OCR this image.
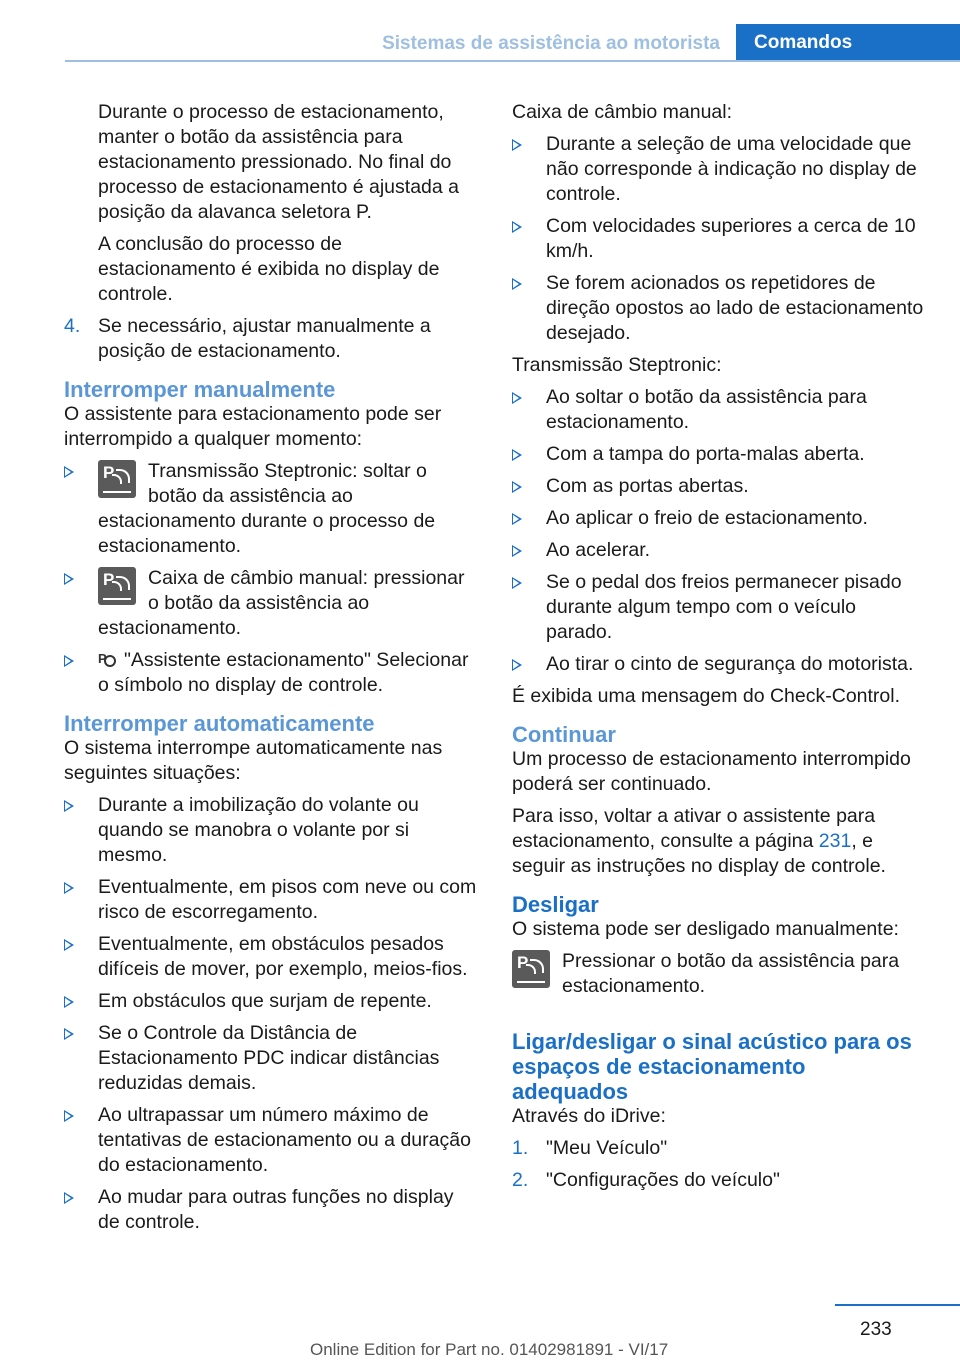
Sistemas de assistência ao motorista	Comandos

Durante o processo de estacionamento, manter o botão da assistência para estacionamento pressionado. No final do processo de estacionamento é ajustada a posição da alavanca seletora P.

A conclusão do processo de estacionamento é exibida no display de controle.

4. Se necessário, ajustar manualmente a posição de estacionamento.
Interromper manualmente

O assistente para estacionamento pode ser interrompido a qualquer momento:

P Transmissão Steptronic: soltar o botão da assistência ao estacionamento durante o processo de estacionamento.
P Caixa de câmbio manual: pressionar o botão da assistência ao estacionamento.
P "Assistente estacionamento" Selecionar o símbolo no display de controle.
Interromper automaticamente

O sistema interrompe automaticamente nas seguintes situações:

Durante a imobilização do volante ou quando se manobra o volante por si mesmo.
Eventualmente, em pisos com neve ou com risco de escorregamento.
Eventualmente, em obstáculos pesados difíceis de mover, por exemplo, meios-fios.
Em obstáculos que surjam de repente.
Se o Controle da Distância de Estacionamento PDC indicar distâncias reduzidas demais.
Ao ultrapassar um número máximo de tentativas de estacionamento ou a duração do estacionamento.
Ao mudar para outras funções no display de controle.

Caixa de câmbio manual:

Durante a seleção de uma velocidade que não corresponde à indicação no display de controle.
Com velocidades superiores a cerca de 10 km/h.
Se forem acionados os repetidores de direção opostos ao lado de estacionamento desejado.

Transmissão Steptronic:

Ao soltar o botão da assistência para estacionamento.
Com a tampa do porta-malas aberta.
Com as portas abertas.
Ao aplicar o freio de estacionamento.
Ao acelerar.
Se o pedal dos freios permanecer pisado durante algum tempo com o veículo parado.
Ao tirar o cinto de segurança do motorista.

É exibida uma mensagem do Check-Control.

Continuar

Um processo de estacionamento interrompido poderá ser continuado.

Para isso, voltar a ativar o assistente para estacionamento, consulte a página 231, e seguir as instruções no display de controle.

Desligar

O sistema pode ser desligado manualmente:

P Pressionar o botão da assistência para estacionamento.
Ligar/desligar o sinal acústico para os espaços de estacionamento adequados

Através do iDrive:

1. "Meu Veículo"
2. "Configurações do veículo"
233
Online Edition for Part no. 01402981891 - VI/17
